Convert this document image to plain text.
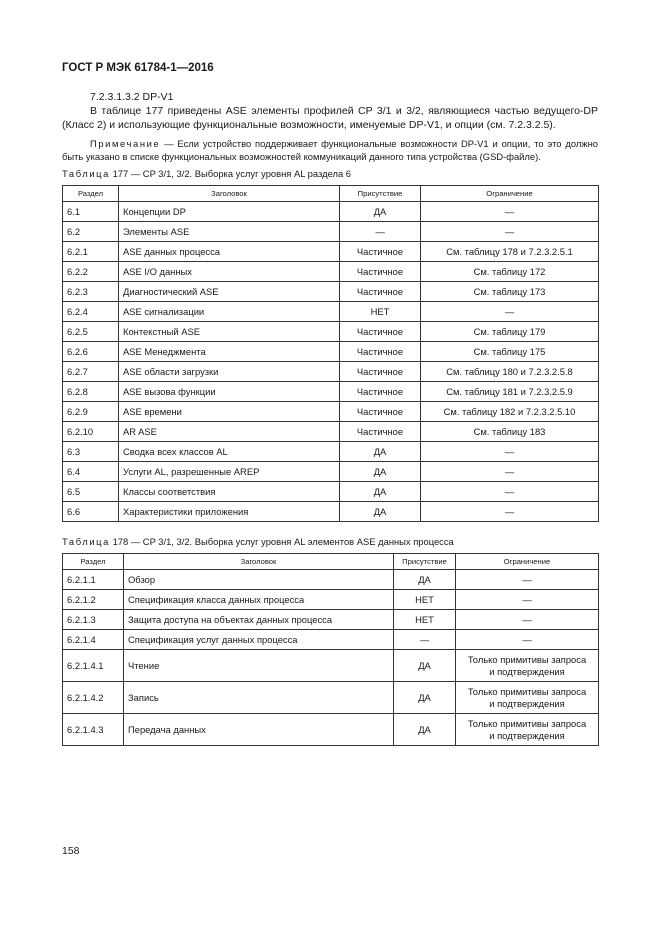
ГОСТ Р МЭК 61784-1—2016
7.2.3.1.3.2 DP-V1
В таблице 177 приведены ASE элементы профилей CP 3/1 и 3/2, являющиеся частью ведущего-DP (Класс 2) и использующие функциональные возможности, именуемые DP-V1, и опции (см. 7.2.3.2.5).
Примечание — Если устройство поддерживает функциональные возможности DP-V1 и опции, то это должно быть указано в списке функциональных возможностей коммуникаций данного типа устройства (GSD-файле).
Таблица 177 — CP 3/1, 3/2. Выборка услуг уровня AL раздела 6
Раздел	Заголовок	Присутствие	Ограничение
6.1	Концепции DP	ДА	—
6.2	Элементы ASE	—	—
6.2.1	ASE данных процесса	Частичное	См. таблицу 178 и 7.2.3.2.5.1
6.2.2	ASE I/O данных	Частичное	См. таблицу 172
6.2.3	Диагностический ASE	Частичное	См. таблицу 173
6.2.4	ASE сигнализации	НЕТ	—
6.2.5	Контекстный ASE	Частичное	См. таблицу 179
6.2.6	ASE Менеджмента	Частичное	См. таблицу 175
6.2.7	ASE области загрузки	Частичное	См. таблицу 180 и 7.2.3.2.5.8
6.2.8	ASE вызова функции	Частичное	См. таблицу 181 и 7.2.3.2.5.9
6.2.9	ASE времени	Частичное	См. таблицу 182 и 7.2.3.2.5.10
6.2.10	AR ASE	Частичное	См. таблицу 183
6.3	Сводка всех классов AL	ДА	—
6.4	Услуги AL, разрешенные AREP	ДА	—
6.5	Классы соответствия	ДА	—
6.6	Характеристики приложения	ДА	—
Таблица 178 — CP 3/1, 3/2. Выборка услуг уровня AL элементов ASE данных процесса
Раздел	Заголовок	Присутствие	Ограничение
6.2.1.1	Обзор	ДА	—
6.2.1.2	Спецификация класса данных процесса	НЕТ	—
6.2.1.3	Защита доступа на объектах данных процесса	НЕТ	—
6.2.1.4	Спецификация услуг данных процесса	—	—
6.2.1.4.1	Чтение	ДА	Только примитивы запроса и подтверждения
6.2.1.4.2	Запись	ДА	Только примитивы запроса и подтверждения
6.2.1.4.3	Передача данных	ДА	Только примитивы запроса и подтверждения
158
